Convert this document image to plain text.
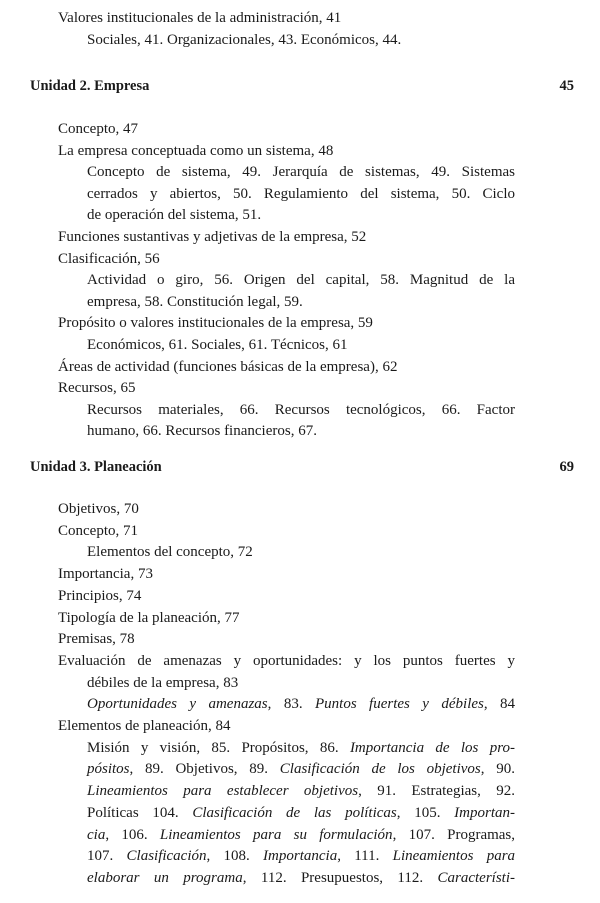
Valores institucionales de la administración, 41
Sociales, 41. Organizacionales, 43. Económicos, 44.
Unidad 2. Empresa	45
Concepto, 47
La empresa conceptuada como un sistema, 48
Concepto de sistema, 49. Jerarquía de sistemas, 49. Sistemas
cerrados y abiertos, 50. Regulamiento del sistema, 50. Ciclo
de operación del sistema, 51.
Funciones sustantivas y adjetivas de la empresa, 52
Clasificación, 56
Actividad o giro, 56. Origen del capital, 58. Magnitud de la
empresa, 58. Constitución legal, 59.
Propósito o valores institucionales de la empresa, 59
Económicos, 61. Sociales, 61. Técnicos, 61
Áreas de actividad (funciones básicas de la empresa), 62
Recursos, 65
Recursos materiales, 66. Recursos tecnológicos, 66. Factor
humano, 66. Recursos financieros, 67.
Unidad 3. Planeación	69
Objetivos, 70
Concepto, 71
Elementos del concepto, 72
Importancia, 73
Principios, 74
Tipología de la planeación, 77
Premisas, 78
Evaluación de amenazas y oportunidades: y los puntos fuertes y
débiles de la empresa, 83
Oportunidades y amenazas, 83. Puntos fuertes y débiles, 84
Elementos de planeación, 84
Misión y visión, 85. Propósitos, 86. Importancia de los pro-
pósitos, 89. Objetivos, 89. Clasificación de los objetivos, 90.
Lineamientos para establecer objetivos, 91. Estrategias, 92.
Políticas 104. Clasificación de las políticas, 105. Importan-
cia, 106. Lineamientos para su formulación, 107. Programas,
107. Clasificación, 108. Importancia, 111. Lineamientos para
elaborar un programa, 112. Presupuestos, 112. Característi-
